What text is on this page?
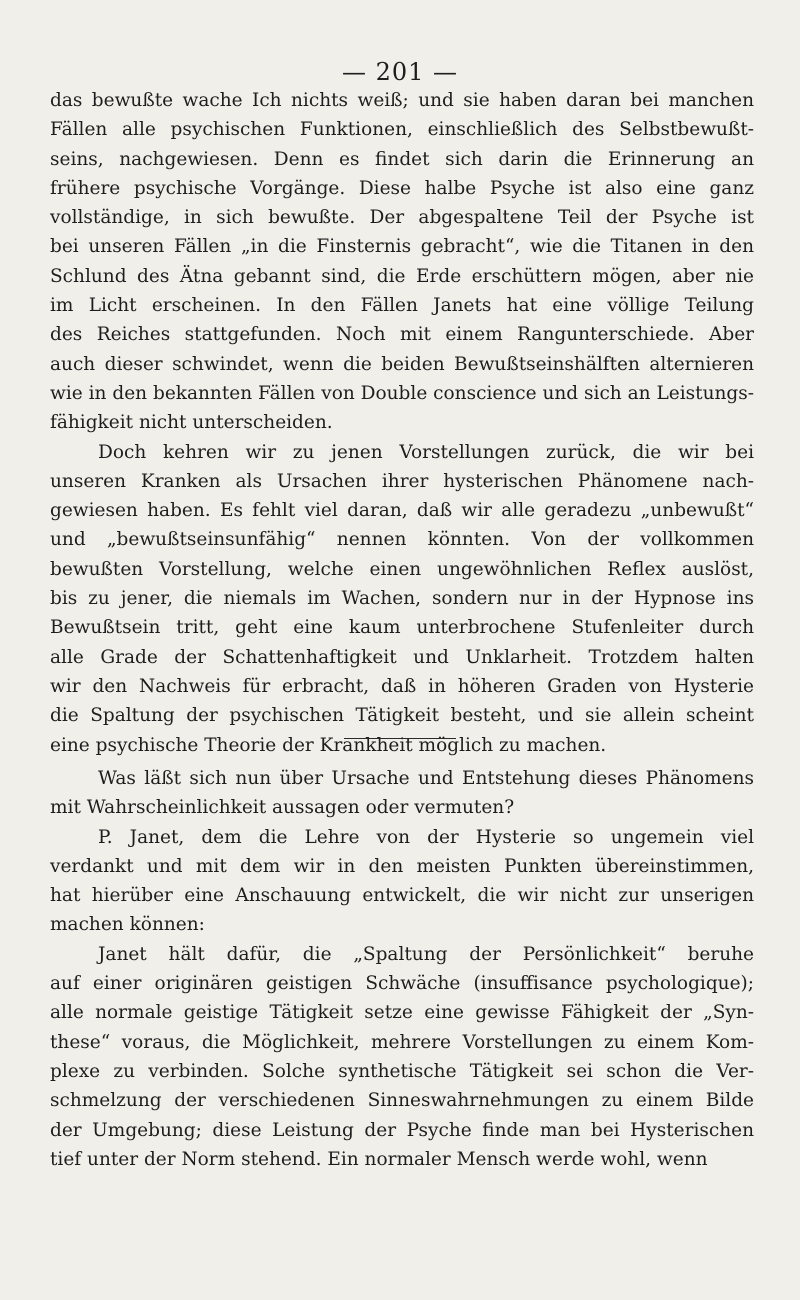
— 201 —

das bewußte wache Ich nichts weiß; und sie haben daran bei manchen
Fällen alle psychischen Funktionen, einschließlich des Selbstbewußt-
seins, nachgewiesen. Denn es findet sich darin die Erinnerung an
frühere psychische Vorgänge. Diese halbe Psyche ist also eine ganz
vollständige, in sich bewußte. Der abgespaltene Teil der Psyche ist
bei unseren Fällen „in die Finsternis gebracht“, wie die Titanen in den
Schlund des Ätna gebannt sind, die Erde erschüttern mögen, aber nie
im Licht erscheinen. In den Fällen Janets hat eine völlige Teilung
des Reiches stattgefunden. Noch mit einem Rangunterschiede. Aber
auch dieser schwindet, wenn die beiden Bewußtseinshälften alternieren
wie in den bekannten Fällen von Double conscience und sich an Leistungs-
fähigkeit nicht unterscheiden.

Doch kehren wir zu jenen Vorstellungen zurück, die wir bei
unseren Kranken als Ursachen ihrer hysterischen Phänomene nach-
gewiesen haben. Es fehlt viel daran, daß wir alle geradezu „unbewußt“
und „bewußtseinsunfähig“ nennen könnten. Von der vollkommen
bewußten Vorstellung, welche einen ungewöhnlichen Reflex auslöst,
bis zu jener, die niemals im Wachen, sondern nur in der Hypnose ins
Bewußtsein tritt, geht eine kaum unterbrochene Stufenleiter durch
alle Grade der Schattenhaftigkeit und Unklarheit. Trotzdem halten
wir den Nachweis für erbracht, daß in höheren Graden von Hysterie
die Spaltung der psychischen Tätigkeit besteht, und sie allein scheint
eine psychische Theorie der Krankheit möglich zu machen.

Was läßt sich nun über Ursache und Entstehung dieses Phänomens
mit Wahrscheinlichkeit aussagen oder vermuten?

P. Janet, dem die Lehre von der Hysterie so ungemein viel
verdankt und mit dem wir in den meisten Punkten übereinstimmen,
hat hierüber eine Anschauung entwickelt, die wir nicht zur unserigen
machen können:

Janet hält dafür, die „Spaltung der Persönlichkeit“ beruhe
auf einer originären geistigen Schwäche (insuffisance psychologique);
alle normale geistige Tätigkeit setze eine gewisse Fähigkeit der „Syn-
these“ voraus, die Möglichkeit, mehrere Vorstellungen zu einem Kom-
plexe zu verbinden. Solche synthetische Tätigkeit sei schon die Ver-
schmelzung der verschiedenen Sinneswahrnehmungen zu einem Bilde
der Umgebung; diese Leistung der Psyche finde man bei Hysterischen
tief unter der Norm stehend. Ein normaler Mensch werde wohl, wenn
